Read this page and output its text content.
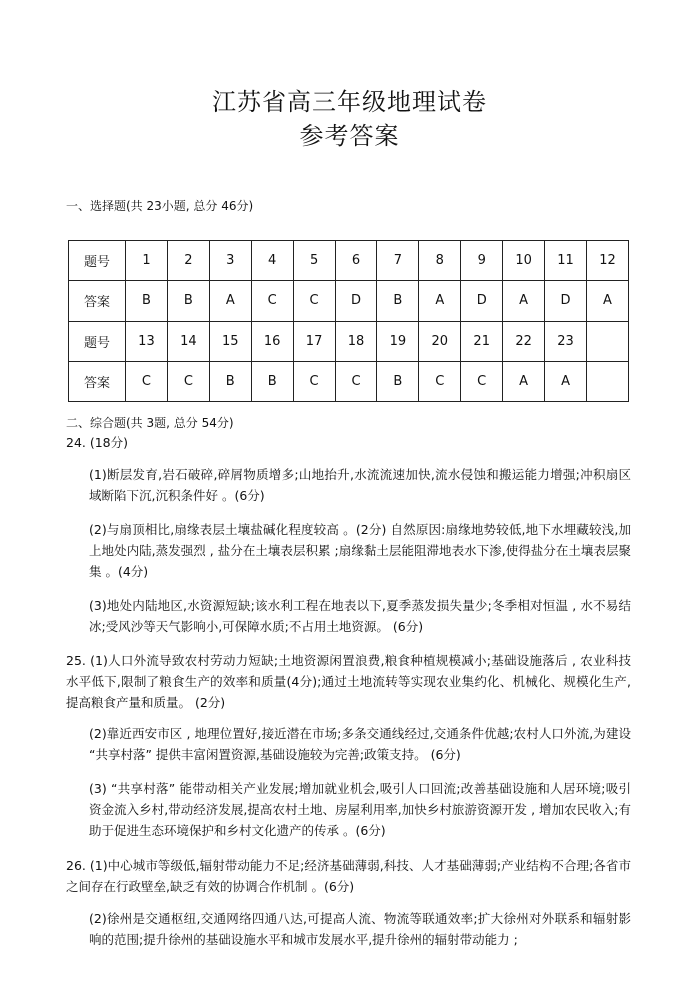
江苏省高三年级地理试卷
参考答案
一、选择题(共 23小题, 总分 46分)
题号	1	2	3	4	5	6	7	8	9	10	11	12
答案	B	B	A	C	C	D	B	A	D	A	D	A
题号	13	14	15	16	17	18	19	20	21	22	23	
答案	C	C	B	B	C	C	B	C	C	A	A	
二、综合题(共 3题, 总分 54分)
24. (18分)
(1)断层发育,岩石破碎,碎屑物质增多;山地抬升,水流流速加快,流水侵蚀和搬运能力增强;冲积扇区域断陷下沉,沉积条件好 。(6分)
(2)与扇顶相比,扇缘表层土壤盐碱化程度较高 。(2分) 自然原因:扇缘地势较低,地下水埋藏较浅,加上地处内陆,蒸发强烈 , 盐分在土壤表层积累 ;扇缘黏土层能阻滞地表水下渗,使得盐分在土壤表层聚集 。(4分)
(3)地处内陆地区,水资源短缺;该水利工程在地表以下,夏季蒸发损失量少;冬季相对恒温 , 水不易结冰;受风沙等天气影响小,可保障水质;不占用土地资源。 (6分)
25. (1)人口外流导致农村劳动力短缺;土地资源闲置浪费,粮食种植规模减小;基础设施落后 , 农业科技水平低下,限制了粮食生产的效率和质量(4分);通过土地流转等实现农业集约化、机械化、规模化生产,提高粮食产量和质量。 (2分)
(2)靠近西安市区 , 地理位置好,接近潜在市场;多条交通线经过,交通条件优越;农村人口外流,为建设 “共享村落” 提供丰富闲置资源,基础设施较为完善;政策支持。 (6分)
(3) “共享村落” 能带动相关产业发展;增加就业机会,吸引人口回流;改善基础设施和人居环境;吸引资金流入乡村,带动经济发展,提高农村土地、房屋利用率,加快乡村旅游资源开发 , 增加农民收入;有助于促进生态环境保护和乡村文化遗产的传承 。(6分)
26. (1)中心城市等级低,辐射带动能力不足;经济基础薄弱,科技、人才基础薄弱;产业结构不合理;各省市之间存在行政壁垒,缺乏有效的协调合作机制 。(6分)
(2)徐州是交通枢纽,交通网络四通八达,可提高人流、物流等联通效率;扩大徐州对外联系和辐射影响的范围;提升徐州的基础设施水平和城市发展水平,提升徐州的辐射带动能力 ;
